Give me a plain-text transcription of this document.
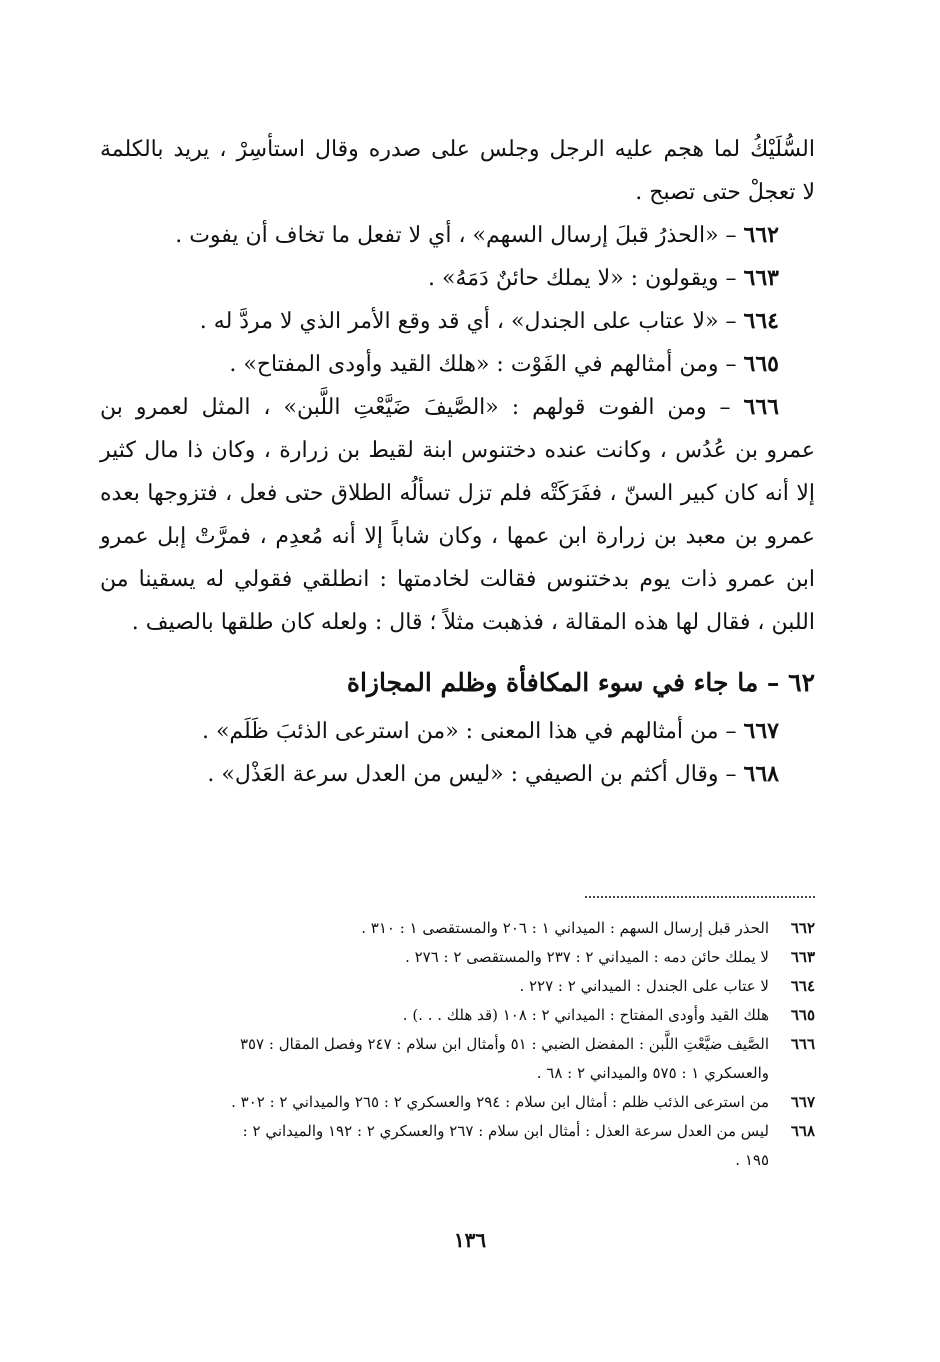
السُّلَيْكُ لما هجم عليه الرجل وجلس على صدره وقال استأسِرْ ، يريد بالكلمة
لا تعجلْ حتى تصبح .
٦٦٢ – «الحذرُ قبلَ إرسال السهم» ، أي لا تفعل ما تخاف أن يفوت .
٦٦٣ – ويقولون : «لا يملك حائنٌ دَمَهُ» .
٦٦٤ – «لا عتاب على الجندل» ، أي قد وقع الأمر الذي لا مردَّ له .
٦٦٥ – ومن أمثالهم في الفَوْت : «هلك القيد وأودى المفتاح» .
٦٦٦ – ومن الفوت قولهم : «الصَّيفَ ضَيَّعْتِ اللَّبن» ، المثل لعمرو بن
عمرو بن عُدُس ، وكانت عنده دختنوس ابنة لقيط بن زرارة ، وكان ذا مال كثير
إلا أنه كان كبير السنّ ، ففَرَكَتْه فلم تزل تسألُه الطلاق حتى فعل ، فتزوجها بعده
عمرو بن معبد بن زرارة ابن عمها ، وكان شاباً إلا أنه مُعدِم ، فمرَّتْ إبل عمرو
ابن عمرو ذات يوم بدختنوس فقالت لخادمتها : انطلقي فقولي له يسقينا من
اللبن ، فقال لها هذه المقالة ، فذهبت مثلاً ؛ قال : ولعله كان طلقها بالصيف .
٦٢ – ما جاء في سوء المكافأة وظلم المجازاة
٦٦٧ – من أمثالهم في هذا المعنى : «من استرعى الذئبَ ظَلَم» .
٦٦٨ – وقال أكثم بن الصيفي : «ليس من العدل سرعة العَذْل» .
٦٦٢
الحذر قبل إرسال السهم : الميداني ١ : ٢٠٦ والمستقصى ١ : ٣١٠ .
٦٦٣
لا يملك حائن دمه : الميداني ٢ : ٢٣٧ والمستقصى ٢ : ٢٧٦ .
٦٦٤
لا عتاب على الجندل : الميداني ٢ : ٢٢٧ .
٦٦٥
هلك القيد وأودى المفتاح : الميداني ٢ : ١٠٨ (قد هلك . . .) .
٦٦٦
الصَّيف ضيَّعْتِ اللَّبن : المفضل الضبي : ٥١ وأمثال ابن سلام : ٢٤٧ وفصل المقال : ٣٥٧
والعسكري ١ : ٥٧٥ والميداني ٢ : ٦٨ .
٦٦٧
من استرعى الذئب ظلم : أمثال ابن سلام : ٢٩٤ والعسكري ٢ : ٢٦٥ والميداني ٢ : ٣٠٢ .
٦٦٨
ليس من العدل سرعة العذل : أمثال ابن سلام : ٢٦٧ والعسكري ٢ : ١٩٢ والميداني ٢ :
١٩٥ .
١٣٦
